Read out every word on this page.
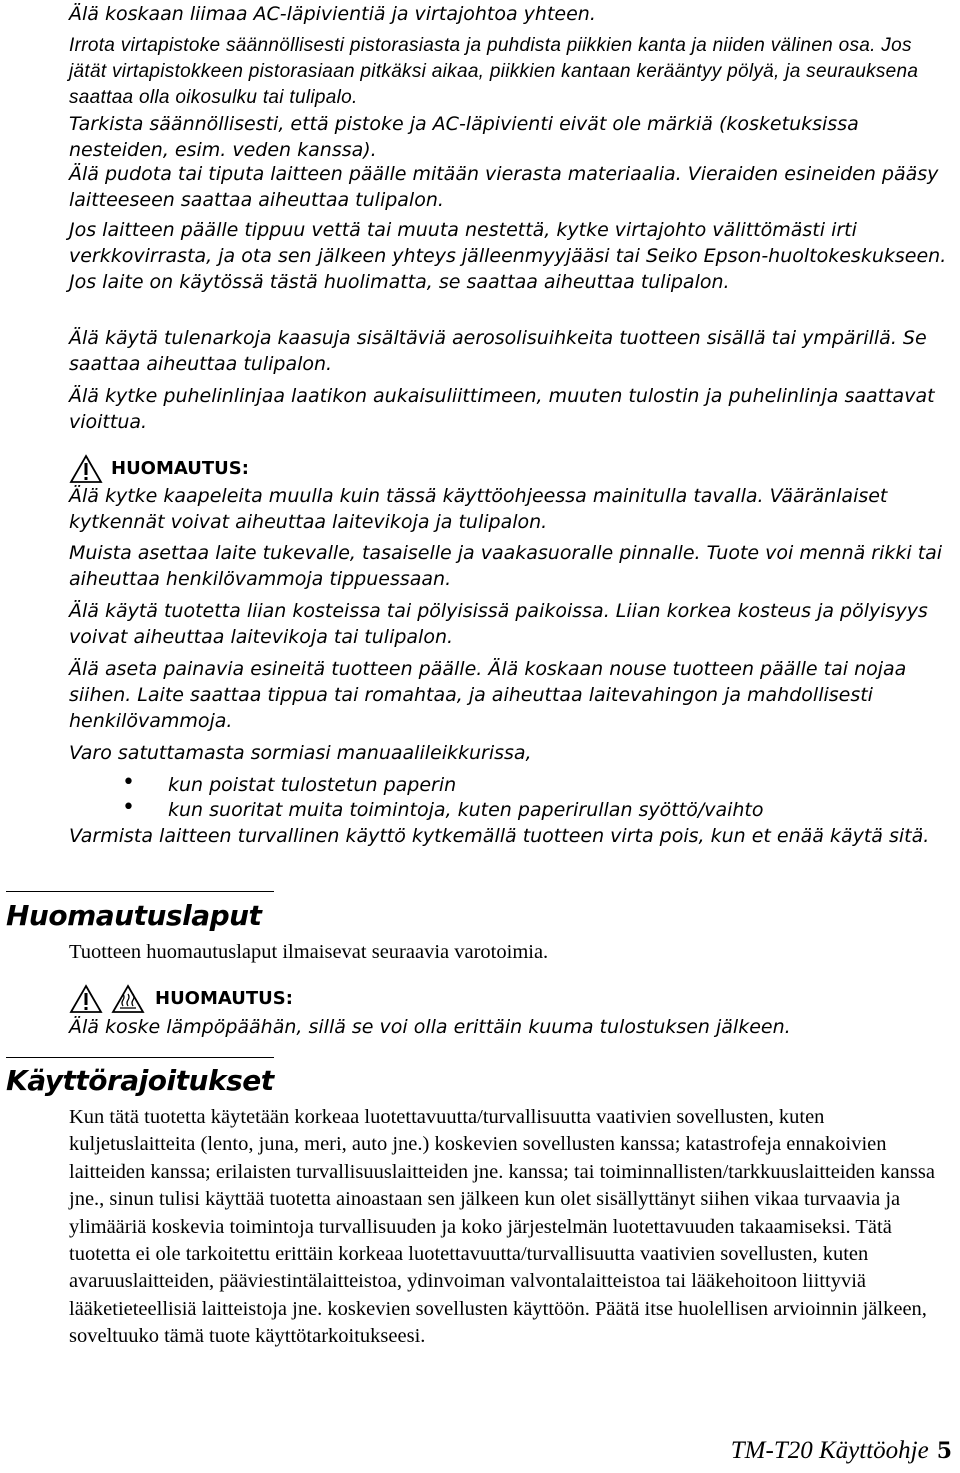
Älä koskaan liimaa AC-läpivientiä ja virtajohtoa yhteen.

Irrota virtapistoke säännöllisesti pistorasiasta ja puhdista piikkien kanta ja niiden välinen osa. Jos jätät virtapistokkeen pistorasiaan pitkäksi aikaa, piikkien kantaan kerääntyy pölyä, ja seurauksena saattaa olla oikosulku tai tulipalo.

Tarkista säännöllisesti, että pistoke ja AC-läpivienti eivät ole märkiä (kosketuksissa nesteiden, esim. veden kanssa).

Älä pudota tai tiputa laitteen päälle mitään vierasta materiaalia. Vieraiden esineiden pääsy laitteeseen saattaa aiheuttaa tulipalon.

Jos laitteen päälle tippuu vettä tai muuta nestettä, kytke virtajohto välittömästi irti verkkovirrasta, ja ota sen jälkeen yhteys jälleenmyyjääsi tai Seiko Epson-huoltokeskukseen. Jos laite on käytössä tästä huolimatta, se saattaa aiheuttaa tulipalon.

Älä käytä tulenarkoja kaasuja sisältäviä aerosolisuihkeita tuotteen sisällä tai ympärillä. Se saattaa aiheuttaa tulipalon.

Älä kytke puhelinlinjaa laatikon aukaisuliittimeen, muuten tulostin ja puhelinlinja saattavat vioittua.

HUOMAUTUS:

Älä kytke kaapeleita muulla kuin tässä käyttöohjeessa mainitulla tavalla. Vääränlaiset kytkennät voivat aiheuttaa laitevikoja ja tulipalon.

Muista asettaa laite tukevalle, tasaiselle ja vaakasuoralle pinnalle. Tuote voi mennä rikki tai aiheuttaa henkilövammoja tippuessaan.

Älä käytä tuotetta liian kosteissa tai pölyisissä paikoissa. Liian korkea kosteus ja pölyisyys voivat aiheuttaa laitevikoja tai tulipalon.

Älä aseta painavia esineitä tuotteen päälle. Älä koskaan nouse tuotteen päälle tai nojaa siihen. Laite saattaa tippua tai romahtaa, ja aiheuttaa laitevahingon ja mahdollisesti henkilövammoja.

Varo satuttamasta sormiasi manuaalileikkurissa,

• kun poistat tulostetun paperin

• kun suoritat muita toimintoja, kuten paperirullan syöttö/vaihto

Varmista laitteen turvallinen käyttö kytkemällä tuotteen virta pois, kun et enää käytä sitä.

Huomautuslaput

Tuotteen huomautuslaput ilmaisevat seuraavia varotoimia.

HUOMAUTUS:

Älä koske lämpöpäähän, sillä se voi olla erittäin kuuma tulostuksen jälkeen.

Käyttörajoitukset

Kun tätä tuotetta käytetään korkeaa luotettavuutta/turvallisuutta vaativien sovellusten, kuten kuljetuslaitteita (lento, juna, meri, auto jne.) koskevien sovellusten kanssa; katastrofeja ennakoivien laitteiden kanssa; erilaisten turvallisuuslaitteiden jne. kanssa; tai toiminnallisten/tarkkuuslaitteiden kanssa jne., sinun tulisi käyttää tuotetta ainoastaan sen jälkeen kun olet sisällyttänyt siihen vikaa turvaavia ja ylimääriä koskevia toimintoja turvallisuuden ja koko järjestelmän luotettavuuden takaamiseksi. Tätä tuotetta ei ole tarkoitettu erittäin korkeaa luotettavuutta/turvallisuutta vaativien sovellusten, kuten avaruuslaitteiden, pääviestintälaitteistoa, ydinvoiman valvontalaitteistoa tai lääkehoitoon liittyviä lääketieteellisiä laitteistoja jne. koskevien sovellusten käyttöön. Päätä itse huolellisen arvioinnin jälkeen, soveltuuko tämä tuote käyttötarkoitukseesi.

TM-T20 Käyttöohje 5
